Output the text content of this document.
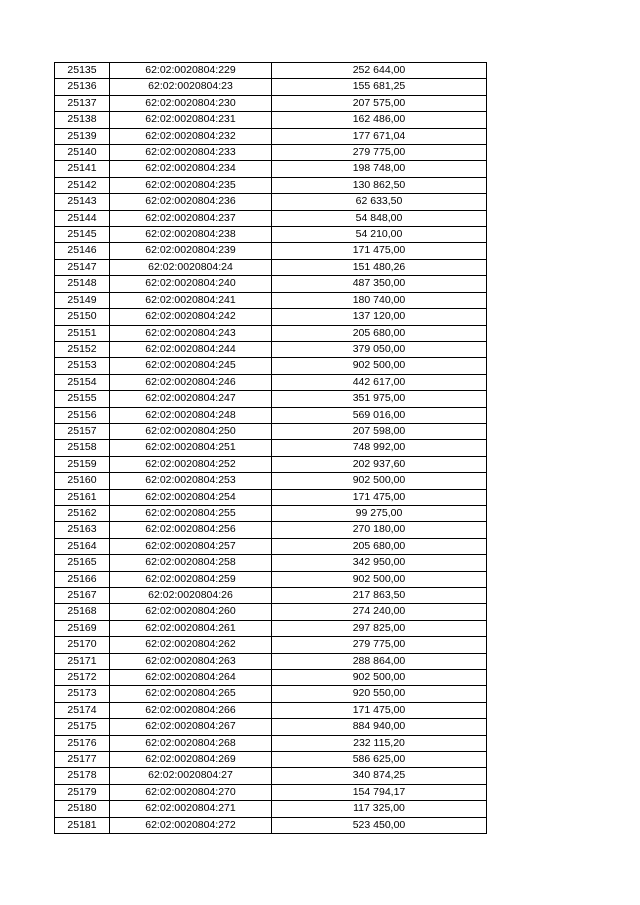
25135	62:02:0020804:229	252 644,00
25136	62:02:0020804:23	155 681,25
25137	62:02:0020804:230	207 575,00
25138	62:02:0020804:231	162 486,00
25139	62:02:0020804:232	177 671,04
25140	62:02:0020804:233	279 775,00
25141	62:02:0020804:234	198 748,00
25142	62:02:0020804:235	130 862,50
25143	62:02:0020804:236	62 633,50
25144	62:02:0020804:237	54 848,00
25145	62:02:0020804:238	54 210,00
25146	62:02:0020804:239	171 475,00
25147	62:02:0020804:24	151 480,26
25148	62:02:0020804:240	487 350,00
25149	62:02:0020804:241	180 740,00
25150	62:02:0020804:242	137 120,00
25151	62:02:0020804:243	205 680,00
25152	62:02:0020804:244	379 050,00
25153	62:02:0020804:245	902 500,00
25154	62:02:0020804:246	442 617,00
25155	62:02:0020804:247	351 975,00
25156	62:02:0020804:248	569 016,00
25157	62:02:0020804:250	207 598,00
25158	62:02:0020804:251	748 992,00
25159	62:02:0020804:252	202 937,60
25160	62:02:0020804:253	902 500,00
25161	62:02:0020804:254	171 475,00
25162	62:02:0020804:255	99 275,00
25163	62:02:0020804:256	270 180,00
25164	62:02:0020804:257	205 680,00
25165	62:02:0020804:258	342 950,00
25166	62:02:0020804:259	902 500,00
25167	62:02:0020804:26	217 863,50
25168	62:02:0020804:260	274 240,00
25169	62:02:0020804:261	297 825,00
25170	62:02:0020804:262	279 775,00
25171	62:02:0020804:263	288 864,00
25172	62:02:0020804:264	902 500,00
25173	62:02:0020804:265	920 550,00
25174	62:02:0020804:266	171 475,00
25175	62:02:0020804:267	884 940,00
25176	62:02:0020804:268	232 115,20
25177	62:02:0020804:269	586 625,00
25178	62:02:0020804:27	340 874,25
25179	62:02:0020804:270	154 794,17
25180	62:02:0020804:271	117 325,00
25181	62:02:0020804:272	523 450,00
